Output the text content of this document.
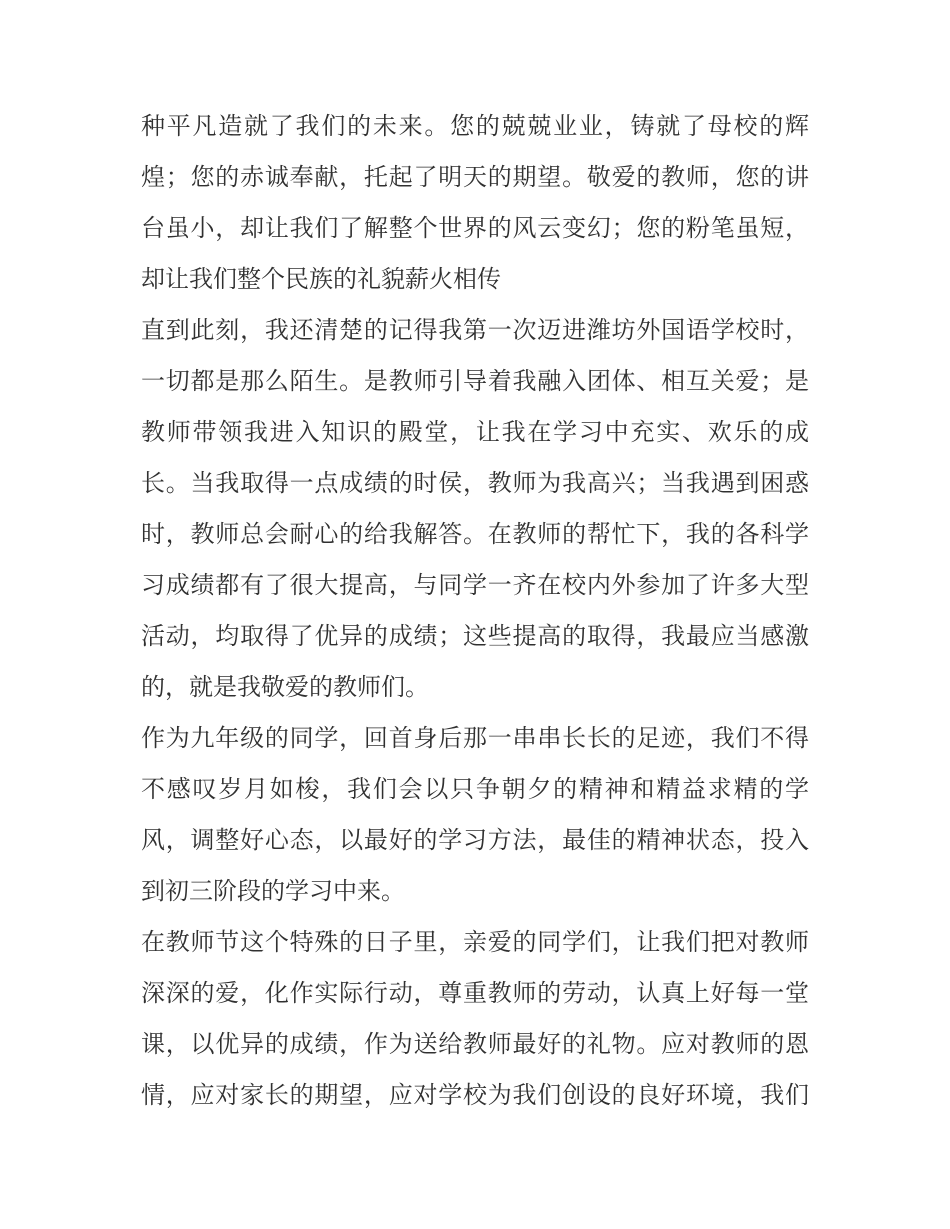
种平凡造就了我们的未来。您的兢兢业业，铸就了母校的辉
煌；您的赤诚奉献，托起了明天的期望。敬爱的教师，您的讲
台虽小，却让我们了解整个世界的风云变幻；您的粉笔虽短，
却让我们整个民族的礼貌薪火相传
直到此刻，我还清楚的记得我第一次迈进潍坊外国语学校时，
一切都是那么陌生。是教师引导着我融入团体、相互关爱；是
教师带领我进入知识的殿堂，让我在学习中充实、欢乐的成
长。当我取得一点成绩的时侯，教师为我高兴；当我遇到困惑
时，教师总会耐心的给我解答。在教师的帮忙下，我的各科学
习成绩都有了很大提高，与同学一齐在校内外参加了许多大型
活动，均取得了优异的成绩；这些提高的取得，我最应当感激
的，就是我敬爱的教师们。
作为九年级的同学，回首身后那一串串长长的足迹，我们不得
不感叹岁月如梭，我们会以只争朝夕的精神和精益求精的学
风，调整好心态，以最好的学习方法，最佳的精神状态，投入
到初三阶段的学习中来。
在教师节这个特殊的日子里，亲爱的同学们，让我们把对教师
深深的爱，化作实际行动，尊重教师的劳动，认真上好每一堂
课，以优异的成绩，作为送给教师最好的礼物。应对教师的恩
情，应对家长的期望，应对学校为我们创设的良好环境，我们
